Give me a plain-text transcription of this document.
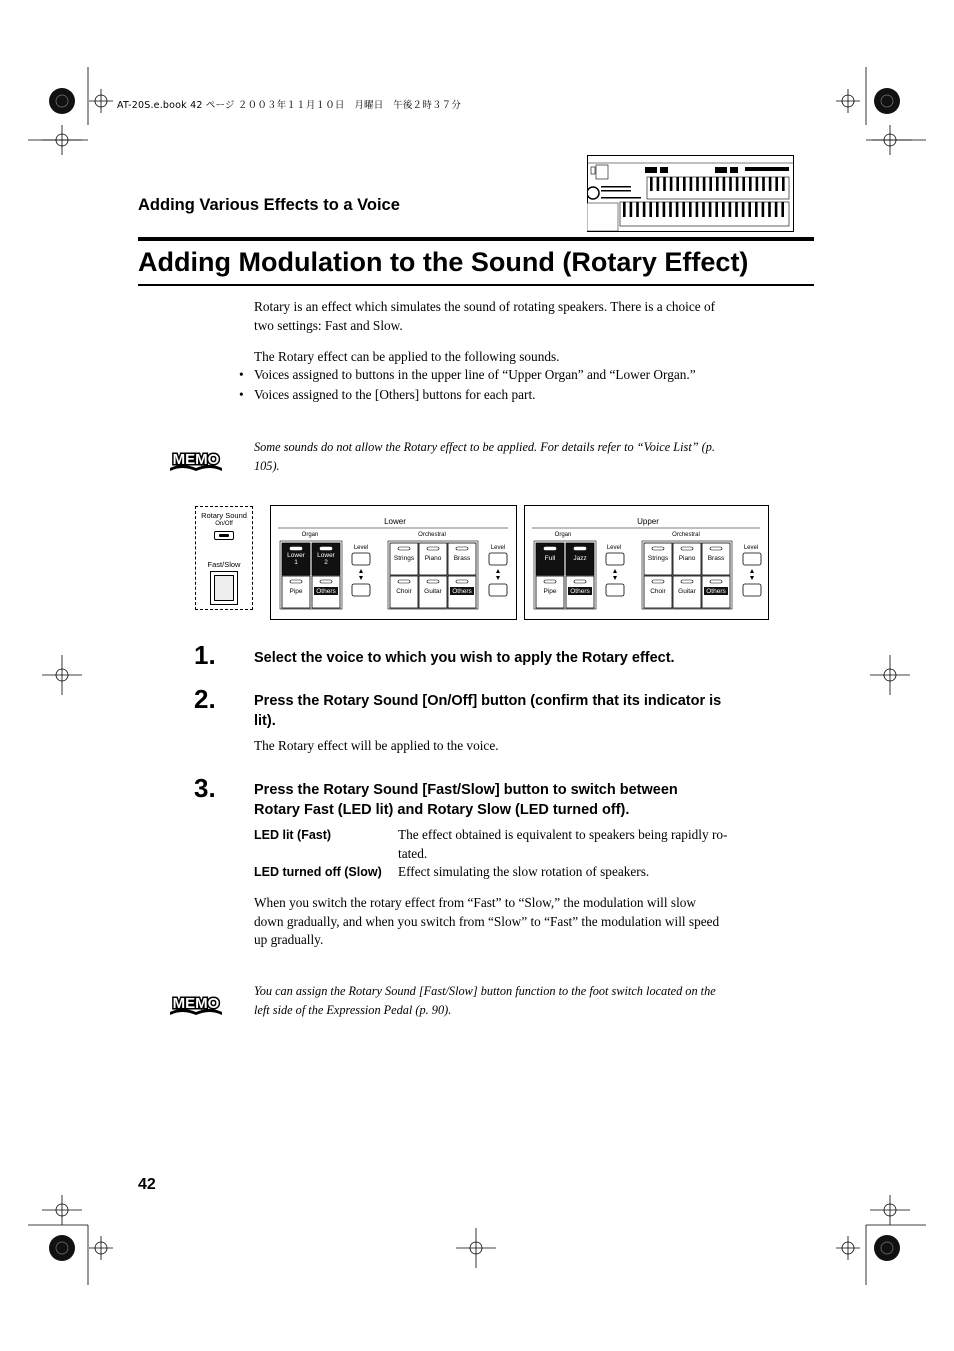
AT-20S.e.book 42 ページ ２００３年１１月１０日　月曜日　午後２時３７分
Adding Various Effects to a Voice
Adding Modulation to the Sound (Rotary Effect)
Rotary is an effect which simulates the sound of rotating speakers. There is a choice of
two settings: Fast and Slow.
The Rotary effect can be applied to the following sounds.
• Voices assigned to buttons in the upper line of “Upper Organ” and “Lower Organ.”
• Voices assigned to the [Others] buttons for each part.
MEMO
Some sounds do not allow the Rotary effect to be applied. For details refer to “Voice List” (p.
105).
Rotary Sound
On/Off
Fast/Slow
Lower
Organ	Orchestral
Level	Level
Upper
Organ	Orchestral
Level	Level
Lower
1
Lower
2
Pipe Others
Strings Piano Brass
Choir Guitar Others
Full	Jazz
Pipe Others
Strings Piano Brass
Choir Guitar Others
1.	Select the voice to which you wish to apply the Rotary effect.
2.	Press the Rotary Sound [On/Off] button (confirm that its indicator is
lit).
The Rotary effect will be applied to the voice.
3.	Press the Rotary Sound [Fast/Slow] button to switch between
Rotary Fast (LED lit) and Rotary Slow (LED turned off).
LED lit (Fast)	The effect obtained is equivalent to speakers being rapidly ro-
tated.
LED turned off (Slow) Effect simulating the slow rotation of speakers.
When you switch the rotary effect from “Fast” to “Slow,” the modulation will slow
down gradually, and when you switch from “Slow” to “Fast” the modulation will speed
up gradually.
MEMO
You can assign the Rotary Sound [Fast/Slow] button function to the foot switch located on the
left side of the Expression Pedal (p. 90).
42
